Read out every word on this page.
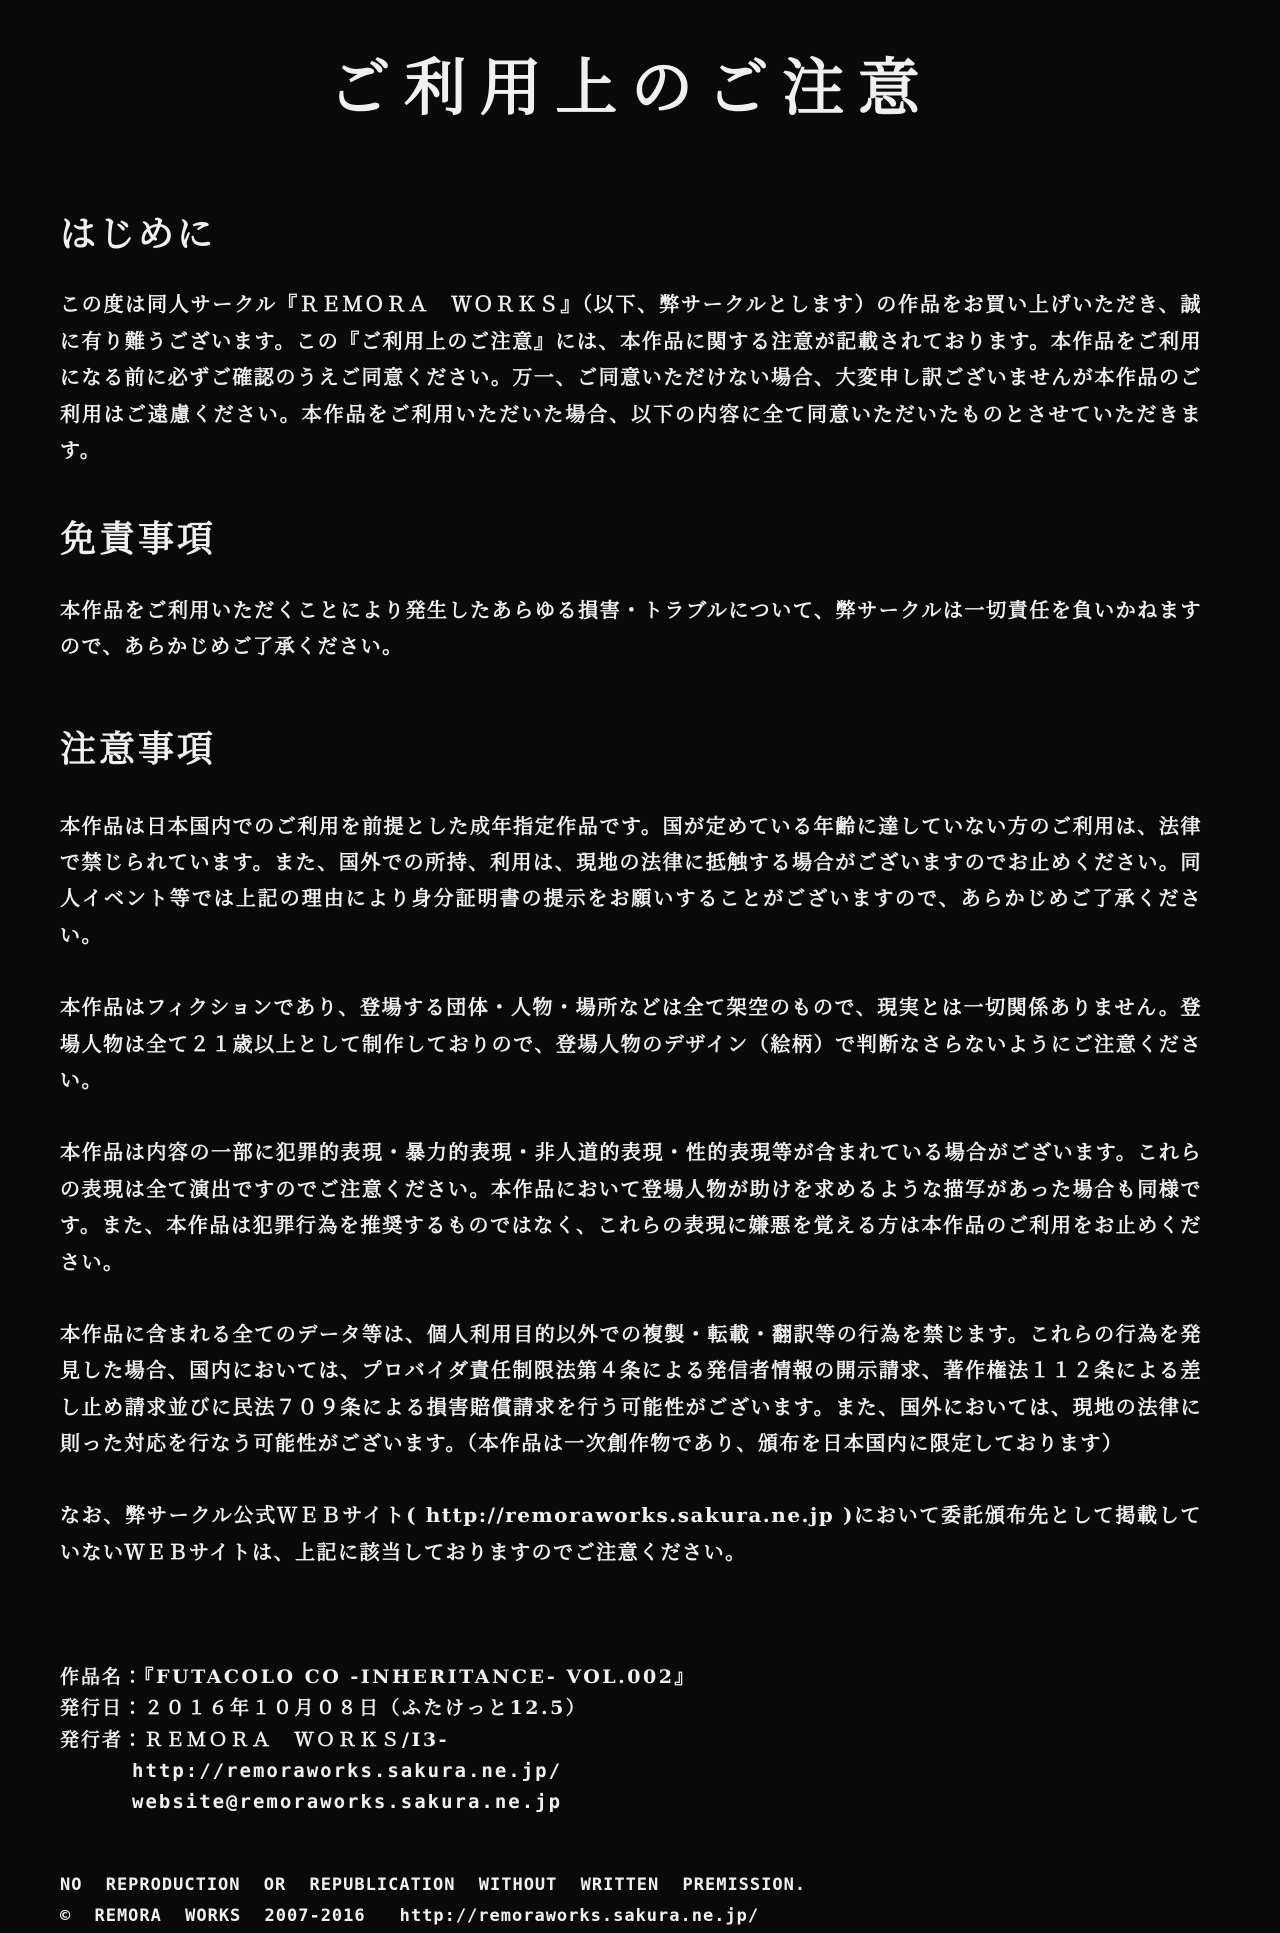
ご利用上のご注意
はじめに

この度は同人サークル『ＲＥＭＯＲＡ　ＷＯＲＫＳ』（以下、弊サークルとします）の作品をお買い上げいただき、誠に有り難うございます。この『ご利用上のご注意』には、本作品に関する注意が記載されております。本作品をご利用になる前に必ずご確認のうえご同意ください。万一、ご同意いただけない場合、大変申し訳ございませんが本作品のご利用はご遠慮ください。本作品をご利用いただいた場合、以下の内容に全て同意いただいたものとさせていただきます。

免責事項

本作品をご利用いただくことにより発生したあらゆる損害・トラブルについて、弊サークルは一切責任を負いかねますので、あらかじめご了承ください。

注意事項

本作品は日本国内でのご利用を前提とした成年指定作品です。国が定めている年齢に達していない方のご利用は、法律で禁じられています。また、国外での所持、利用は、現地の法律に抵触する場合がございますのでお止めください。同人イベント等では上記の理由により身分証明書の提示をお願いすることがございますので、あらかじめご了承ください。

本作品はフィクションであり、登場する団体・人物・場所などは全て架空のもので、現実とは一切関係ありません。登場人物は全て２１歳以上として制作しておりので、登場人物のデザイン（絵柄）で判断なさらないようにご注意ください。

本作品は内容の一部に犯罪的表現・暴力的表現・非人道的表現・性的表現等が含まれている場合がございます。これらの表現は全て演出ですのでご注意ください。本作品において登場人物が助けを求めるような描写があった場合も同様です。また、本作品は犯罪行為を推奨するものではなく、これらの表現に嫌悪を覚える方は本作品のご利用をお止めください。

本作品に含まれる全てのデータ等は、個人利用目的以外での複製・転載・翻訳等の行為を禁じます。これらの行為を発見した場合、国内においては、プロバイダ責任制限法第４条による発信者情報の開示請求、著作権法１１２条による差し止め請求並びに民法７０９条による損害賠償請求を行う可能性がございます。また、国外においては、現地の法律に則った対応を行なう可能性がございます。（本作品は一次創作物であり、頒布を日本国内に限定しております）

なお、弊サークル公式ＷＥＢサイト( http://remoraworks.sakura.ne.jp )において委託頒布先として掲載していないＷＥＢサイトは、上記に該当しておりますのでご注意ください。

作品名：『FUTACOLO CO -INHERITANCE- VOL.002』
発行日：２０１６年１０月０８日（ふたけっと12.5）
発行者：ＲＥＭＯＲＡ　ＷＯＲＫＳ/I3-
http://remoraworks.sakura.ne.jp/
website@remoraworks.sakura.ne.jp
NO REPRODUCTION OR REPUBLICATION WITHOUT WRITTEN PREMISSION.
© REMORA WORKS 2007-2016 http://remoraworks.sakura.ne.jp/
